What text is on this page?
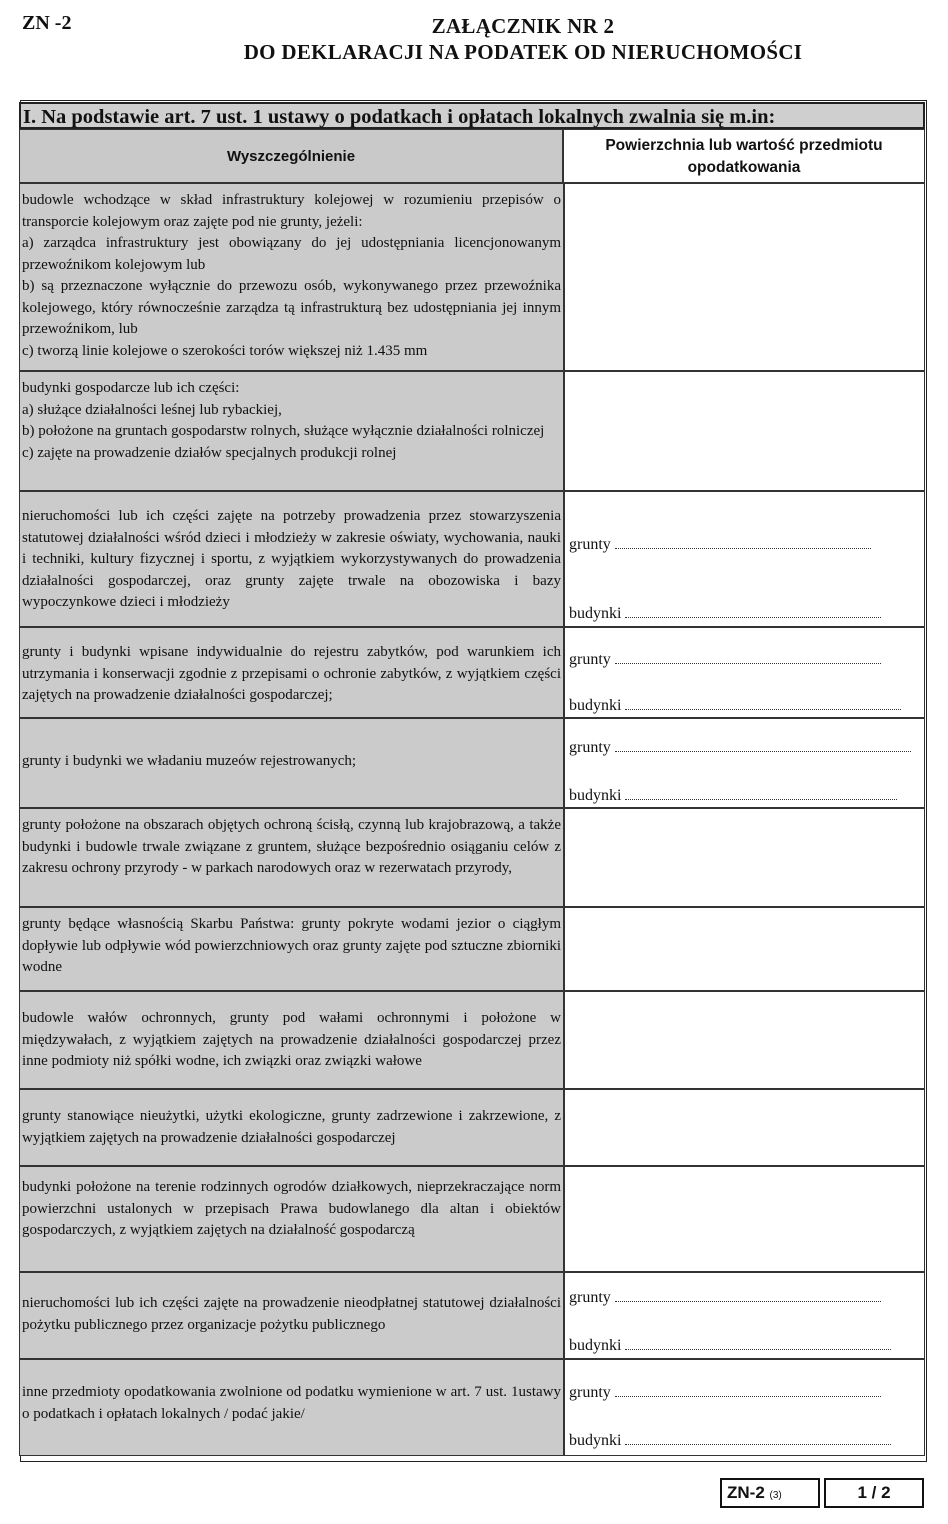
ZN -2	ZAŁĄCZNIK NR 2
DO DEKLARACJI NA PODATEK OD NIERUCHOMOŚCI
I. Na podstawie art. 7 ust. 1 ustawy o podatkach i opłatach lokalnych zwalnia się m.in:
Wyszczególnienie
Powierzchnia lub wartość przedmiotu
opodatkowania
budowle wchodzące w skład infrastruktury kolejowej w rozumieniu przepisów o transporcie kolejowym oraz zajęte pod nie grunty, jeżeli:
a) zarządca infrastruktury jest obowiązany do jej udostępniania licencjonowanym przewoźnikom kolejowym lub
b) są przeznaczone wyłącznie do przewozu osób, wykonywanego przez przewoźnika kolejowego, który równocześnie zarządza tą infrastrukturą bez udostępniania jej innym przewoźnikom, lub
c) tworzą linie kolejowe o szerokości torów większej niż 1.435 mm
budynki gospodarcze lub ich części:
a) służące działalności leśnej lub rybackiej,
b) położone na gruntach gospodarstw rolnych, służące wyłącznie działalności rolniczej
c) zajęte na prowadzenie działów specjalnych produkcji rolnej
nieruchomości lub ich części zajęte na potrzeby prowadzenia przez stowarzyszenia statutowej działalności wśród dzieci i młodzieży w zakresie oświaty, wychowania, nauki i techniki, kultury fizycznej i sportu, z wyjątkiem wykorzystywanych do prowadzenia działalności gospodarczej, oraz grunty zajęte trwale na obozowiska i bazy wypoczynkowe dzieci i młodzieży
grunty
budynki
grunty i budynki wpisane indywidualnie do rejestru zabytków, pod warunkiem ich utrzymania i konserwacji zgodnie z przepisami o ochronie zabytków, z wyjątkiem części zajętych na prowadzenie działalności gospodarczej;
grunty
budynki
grunty i budynki we władaniu muzeów rejestrowanych;
grunty
budynki
grunty położone na obszarach objętych ochroną ścisłą, czynną lub krajobrazową, a także budynki i budowle trwale związane z gruntem, służące bezpośrednio osiąganiu celów z zakresu ochrony przyrody - w parkach narodowych oraz w rezerwatach przyrody,
grunty będące własnością Skarbu Państwa: grunty pokryte wodami jezior o ciągłym dopływie lub odpływie wód powierzchniowych oraz grunty zajęte pod sztuczne zbiorniki wodne
budowle wałów ochronnych, grunty pod wałami ochronnymi i położone w międzywałach, z wyjątkiem zajętych na prowadzenie działalności gospodarczej przez inne podmioty niż spółki wodne, ich związki oraz związki wałowe
grunty stanowiące nieużytki, użytki ekologiczne, grunty zadrzewione i zakrzewione, z wyjątkiem zajętych na prowadzenie działalności gospodarczej
budynki położone na terenie rodzinnych ogrodów działkowych, nieprzekraczające norm powierzchni ustalonych w przepisach Prawa budowlanego dla altan i obiektów gospodarczych, z wyjątkiem zajętych na działalność gospodarczą
nieruchomości lub ich części zajęte na prowadzenie nieodpłatnej statutowej działalności pożytku publicznego przez organizacje pożytku publicznego
grunty
budynki
inne przedmioty opodatkowania zwolnione od podatku wymienione w art. 7 ust. 1ustawy o podatkach i opłatach lokalnych / podać jakie/
grunty
budynki
ZN-2 (3)	1 / 2
